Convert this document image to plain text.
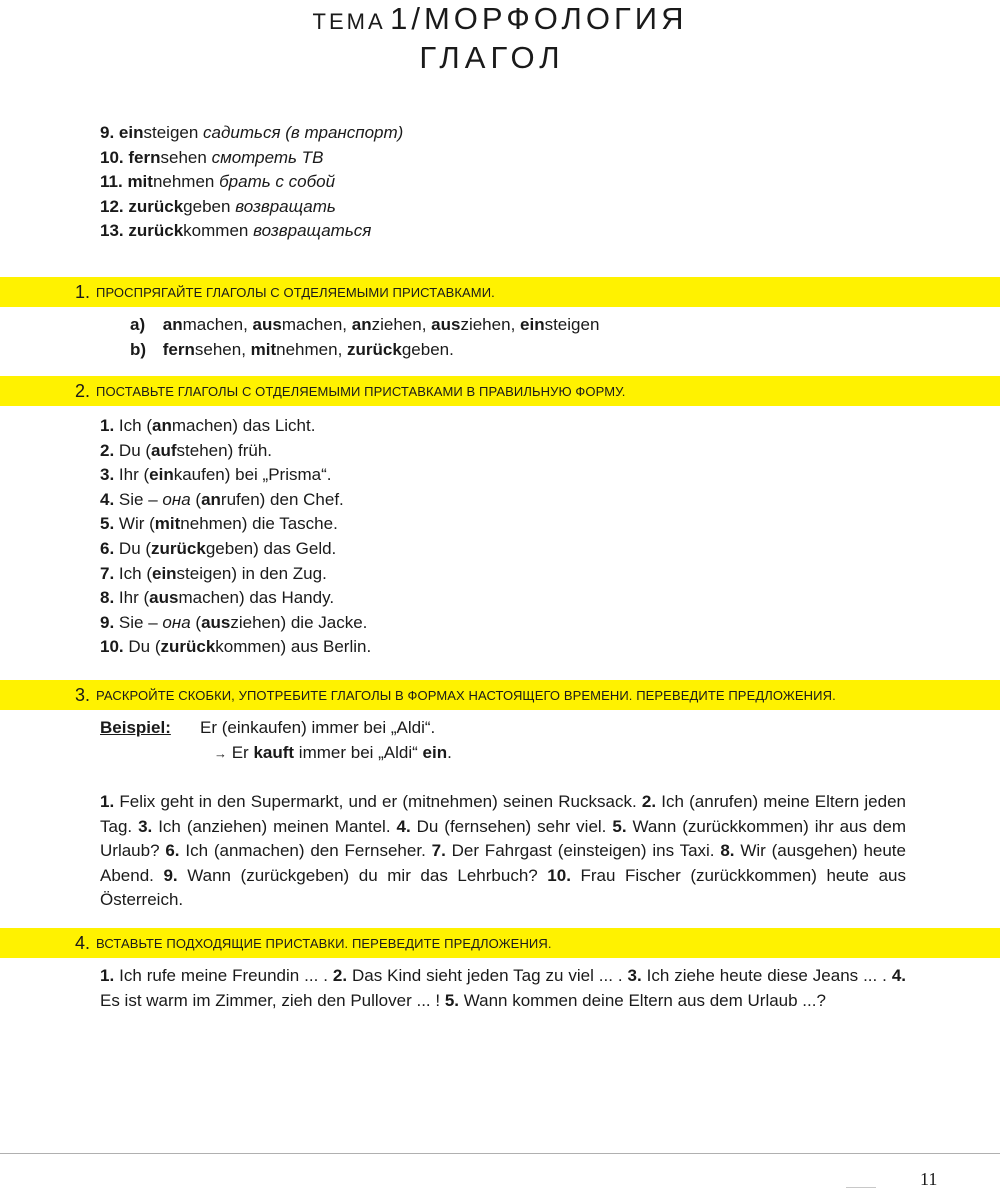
ТЕМА 1/МОРФОЛОГИЯ
ГЛАГОЛ
9. einsteigen садиться (в транспорт)
10. fernsehen смотреть ТВ
11. mitnehmen брать с собой
12. zurückgeben возвращать
13. zurückkommen возвращаться
1. ПРОСПРЯГАЙТЕ ГЛАГОЛЫ С ОТДЕЛЯЕМЫМИ ПРИСТАВКАМИ.
a) anmachen, ausmachen, anziehen, ausziehen, einsteigen
b) fernsehen, mitnehmen, zurückgeben.
2. ПОСТАВЬТЕ ГЛАГОЛЫ С ОТДЕЛЯЕМЫМИ ПРИСТАВКАМИ В ПРАВИЛЬНУЮ ФОРМУ.
1. Ich (anmachen) das Licht.
2. Du (aufstehen) früh.
3. Ihr (einkaufen) bei „Prisma“.
4. Sie – она (anrufen) den Chef.
5. Wir (mitnehmen) die Tasche.
6. Du (zurückgeben) das Geld.
7. Ich (einsteigen) in den Zug.
8. Ihr (ausmachen) das Handy.
9. Sie – она (ausziehen) die Jacke.
10. Du (zurückkommen) aus Berlin.
3. РАСКРОЙТЕ СКОБКИ, УПОТРЕБИТЕ ГЛАГОЛЫ В ФОРМАХ НАСТОЯЩЕГО ВРЕМЕНИ. ПЕРЕВЕДИТЕ ПРЕДЛОЖЕНИЯ.
Beispiel: Er (einkaufen) immer bei „Aldi“.
→ Er kauft immer bei „Aldi“ ein.
1. Felix geht in den Supermarkt, und er (mitnehmen) seinen Rucksack. 2. Ich (anrufen) meine Eltern jeden Tag. 3. Ich (anziehen) meinen Mantel. 4. Du (fernsehen) sehr viel. 5. Wann (zurückkommen) ihr aus dem Urlaub? 6. Ich (anmachen) den Fernseher. 7. Der Fahrgast (einsteigen) ins Taxi. 8. Wir (ausgehen) heute Abend. 9. Wann (zurückgeben) du mir das Lehrbuch? 10. Frau Fischer (zurückkommen) heute aus Österreich.
4. ВСТАВЬТЕ ПОДХОДЯЩИЕ ПРИСТАВКИ. ПЕРЕВЕДИТЕ ПРЕДЛОЖЕНИЯ.
1. Ich rufe meine Freundin ... . 2. Das Kind sieht jeden Tag zu viel ... . 3. Ich ziehe heute diese Jeans ... . 4. Es ist warm im Zimmer, zieh den Pullover ... ! 5. Wann kommen deine Eltern aus dem Urlaub ...?
11
